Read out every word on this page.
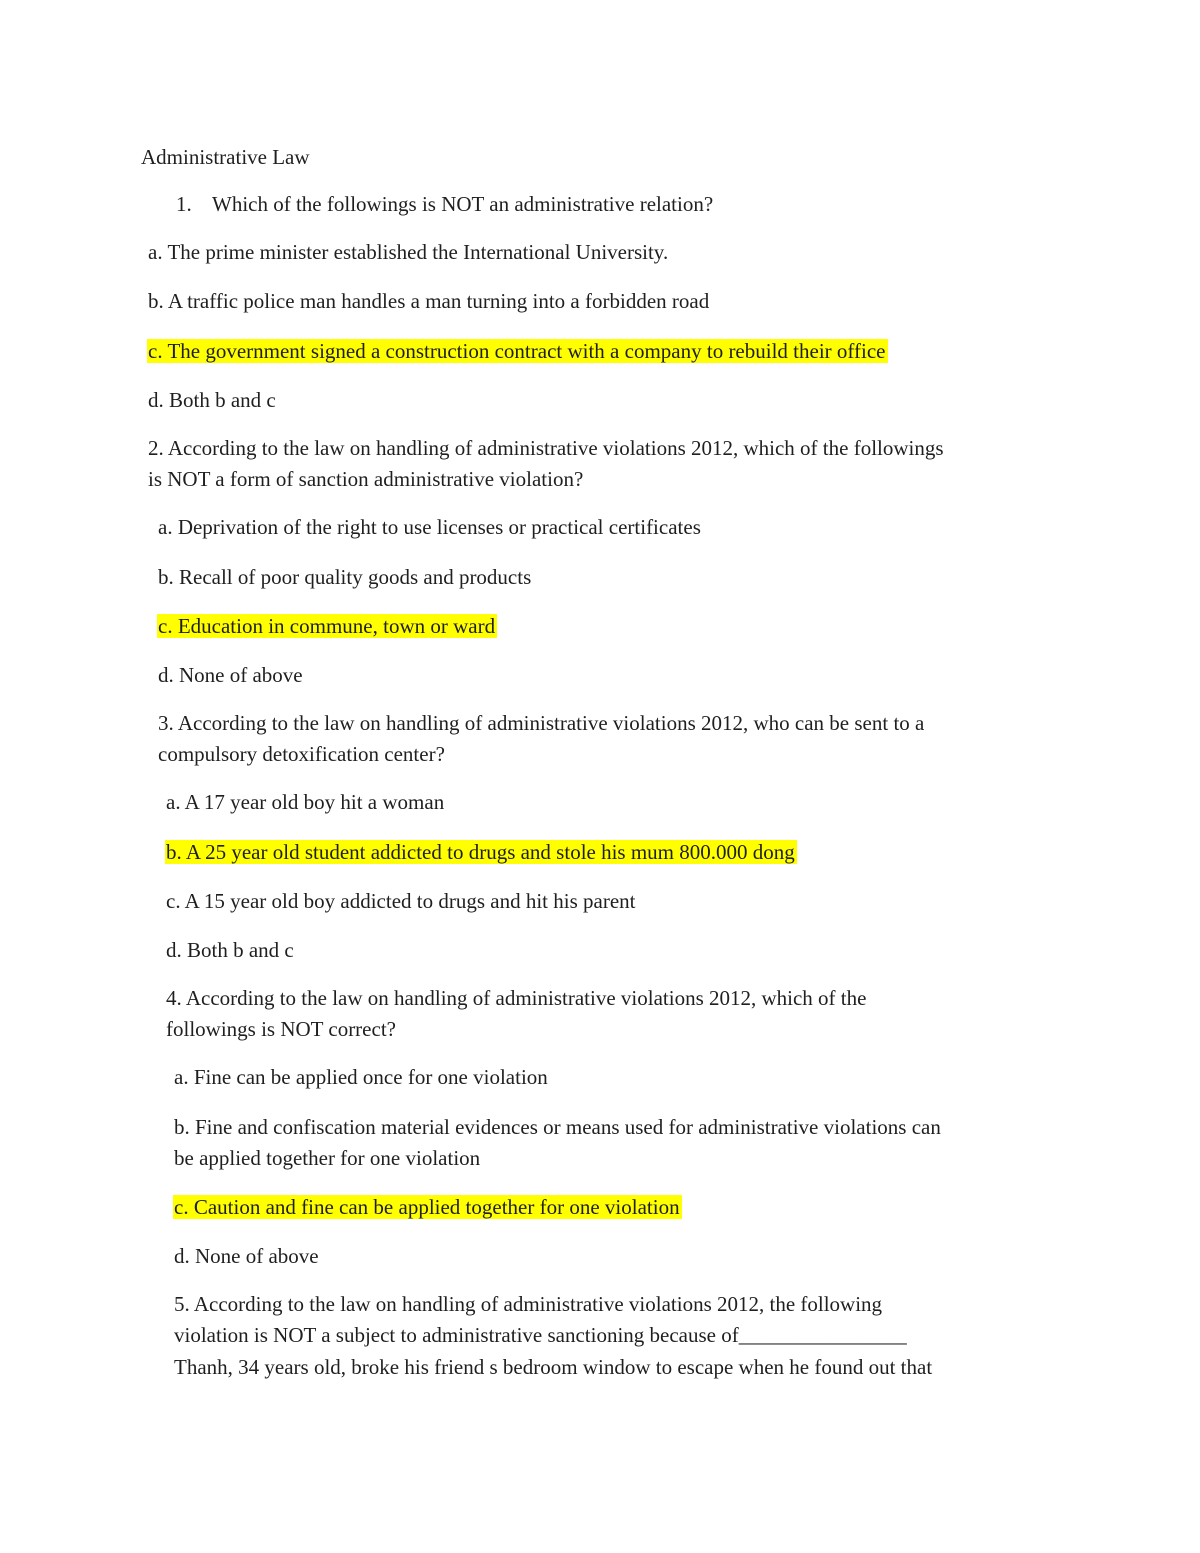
Administrative Law
1. Which of the followings is NOT an administrative relation?
a. The prime minister established the International University.
b. A traffic police man handles a man turning into a forbidden road
c. The government signed a construction contract with a company to rebuild their office
d. Both b and c
2. According to the law on handling of administrative violations 2012, which of the followings
is NOT a form of sanction administrative violation?
a. Deprivation of the right to use licenses or practical certificates
b. Recall of poor quality goods and products
c. Education in commune, town or ward
d. None of above
3. According to the law on handling of administrative violations 2012, who can be sent to a
compulsory detoxification center?
a. A 17 year old boy hit a woman
b. A 25 year old student addicted to drugs and stole his mum 800.000 dong
c. A 15 year old boy addicted to drugs and hit his parent
d. Both b and c
4. According to the law on handling of administrative violations 2012, which of the
followings is NOT correct?
a. Fine can be applied once for one violation
b. Fine and confiscation material evidences or means used for administrative violations can
be applied together for one violation
c. Caution and fine can be applied together for one violation
d. None of above
5. According to the law on handling of administrative violations 2012, the following
violation is NOT a subject to administrative sanctioning because of________________
Thanh, 34 years old, broke his friend s bedroom window to escape when he found out that
